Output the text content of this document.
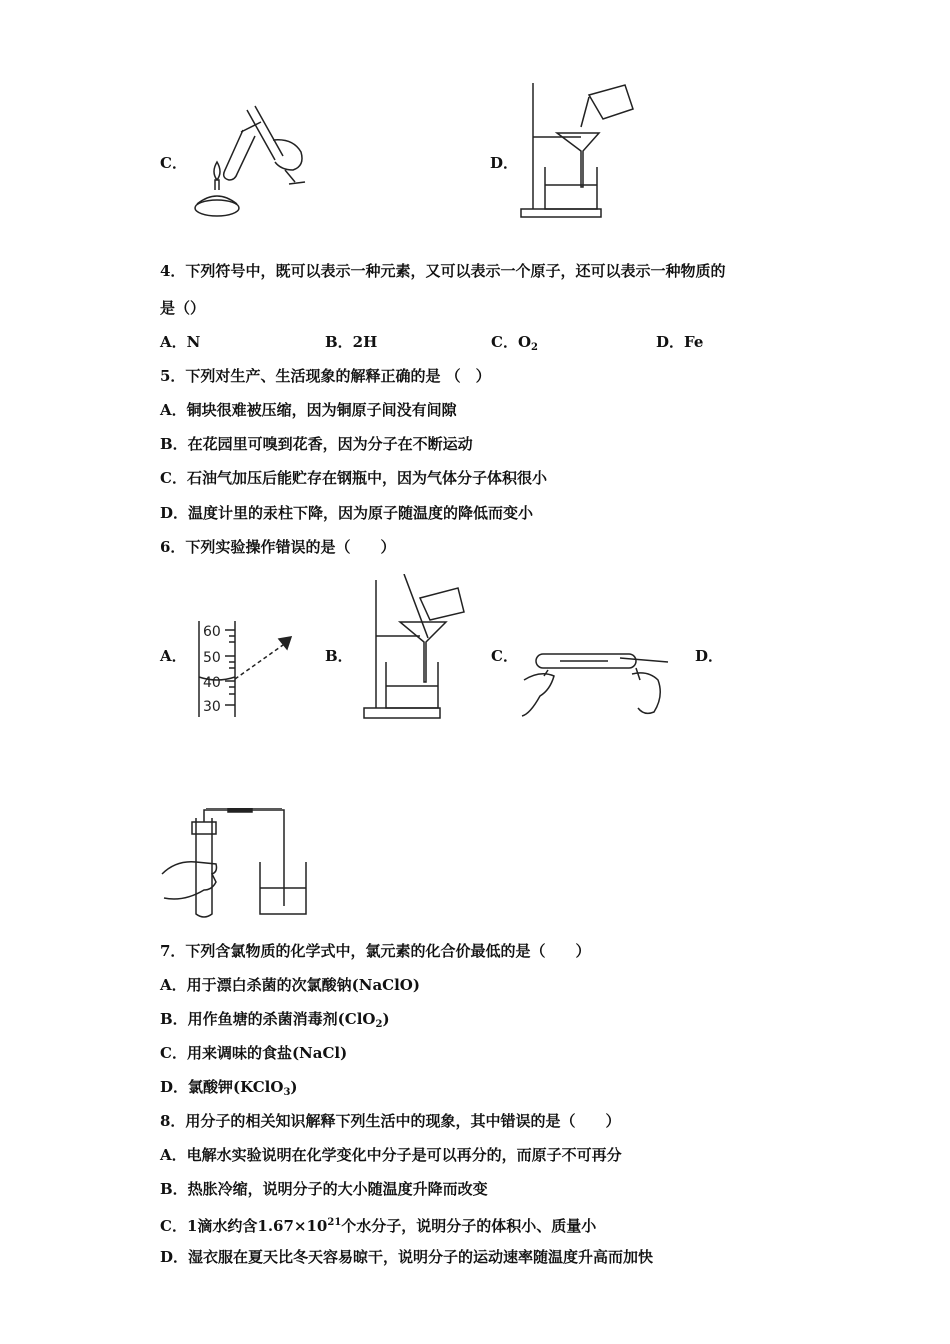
C．	D．
4．下列符号中，既可以表示一种元素，又可以表示一个原子，还可以表示一种物质的
是（）
A．N	B．2H	C．$O_2$	D．Fe
5．下列对生产、生活现象的解释正确的是 （　）
A．铜块很难被压缩，因为铜原子间没有间隙
B．在花园里可嗅到花香，因为分子在不断运动
C．石油气加压后能贮存在钢瓶中，因为气体分子体积很小
D．温度计里的汞柱下降，因为原子随温度的降低而变小
6．下列实验操作错误的是（　　）
A．
60
50
40
30
B．	C．	D．
7．下列含氯物质的化学式中，氯元素的化合价最低的是（　　）
A．用于漂白杀菌的次氯酸钠(NaClO)
B．用作鱼塘的杀菌消毒剂(ClO$_2$)
C．用来调味的食盐(NaCl)
D．氯酸钾(KClO$_3$)
8．用分子的相关知识解释下列生活中的现象，其中错误的是（　　）
A．电解水实验说明在化学变化中分子是可以再分的，而原子不可再分
B．热胀冷缩，说明分子的大小随温度升降而改变
C．1滴水约含$1.67\times 10^{21}$个水分子，说明分子的体积小、质量小
D．湿衣服在夏天比冬天容易晾干，说明分子的运动速率随温度升高而加快
